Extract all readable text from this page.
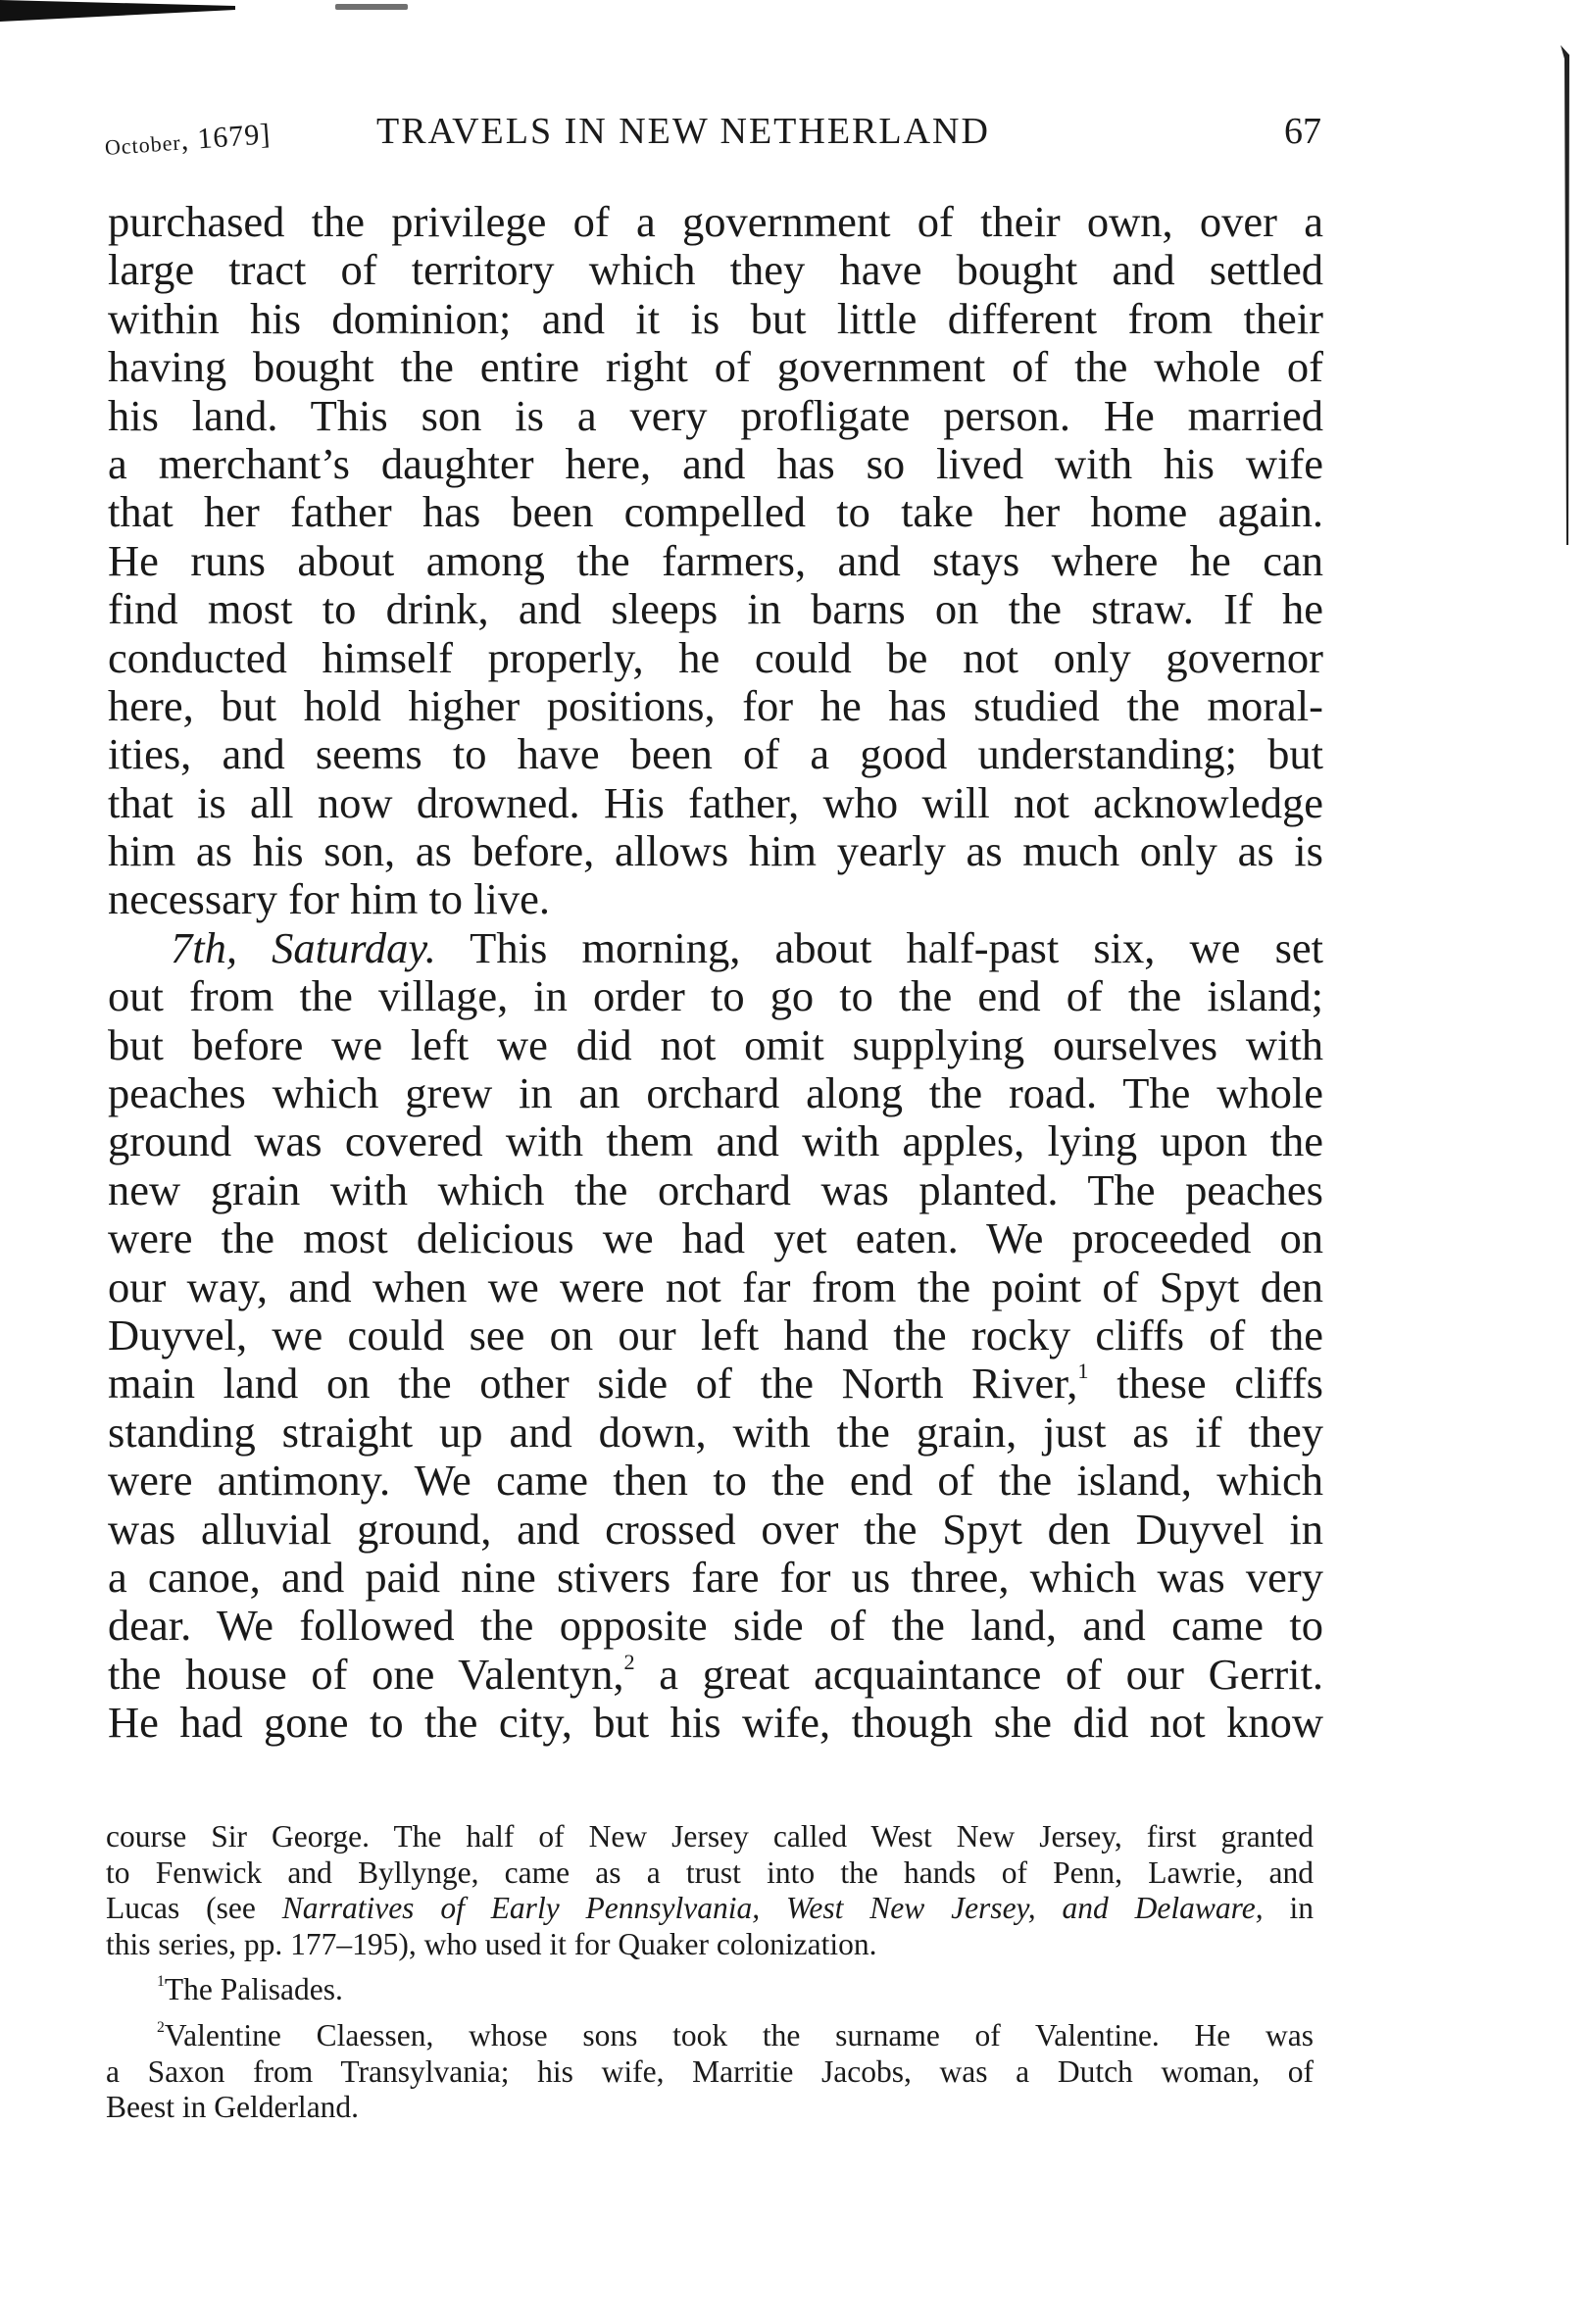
October, 1679]	TRAVELS IN NEW NETHERLAND	67
purchased the privilege of a government of their own, over a
large tract of territory which they have bought and settled
within his dominion; and it is but little different from their
having bought the entire right of government of the whole of
his land. This son is a very profligate person. He married
a merchant’s daughter here, and has so lived with his wife
that her father has been compelled to take her home again.
He runs about among the farmers, and stays where he can
find most to drink, and sleeps in barns on the straw. If he
conducted himself properly, he could be not only governor
here, but hold higher positions, for he has studied the moral-
ities, and seems to have been of a good understanding; but
that is all now drowned. His father, who will not acknowledge
him as his son, as before, allows him yearly as much only as is
necessary for him to live.
7th, Saturday. This morning, about half-past six, we set
out from the village, in order to go to the end of the island;
but before we left we did not omit supplying ourselves with
peaches which grew in an orchard along the road. The whole
ground was covered with them and with apples, lying upon the
new grain with which the orchard was planted. The peaches
were the most delicious we had yet eaten. We proceeded on
our way, and when we were not far from the point of Spyt den
Duyvel, we could see on our left hand the rocky cliffs of the
main land on the other side of the North River,$^1$ these cliffs
standing straight up and down, with the grain, just as if they
were antimony. We came then to the end of the island, which
was alluvial ground, and crossed over the Spyt den Duyvel in
a canoe, and paid nine stivers fare for us three, which was very
dear. We followed the opposite side of the land, and came to
the house of one Valentyn,$^2$ a great acquaintance of our Gerrit.
He had gone to the city, but his wife, though she did not know
course Sir George. The half of New Jersey called West New Jersey, first granted
to Fenwick and Byllynge, came as a trust into the hands of Penn, Lawrie, and
Lucas (see Narratives of Early Pennsylvania, West New Jersey, and Delaware, in
this series, pp. 177–195), who used it for Quaker colonization.
$^1$The Palisades.
$^2$Valentine Claessen, whose sons took the surname of Valentine. He was
a Saxon from Transylvania; his wife, Marritie Jacobs, was a Dutch woman, of
Beest in Gelderland.
